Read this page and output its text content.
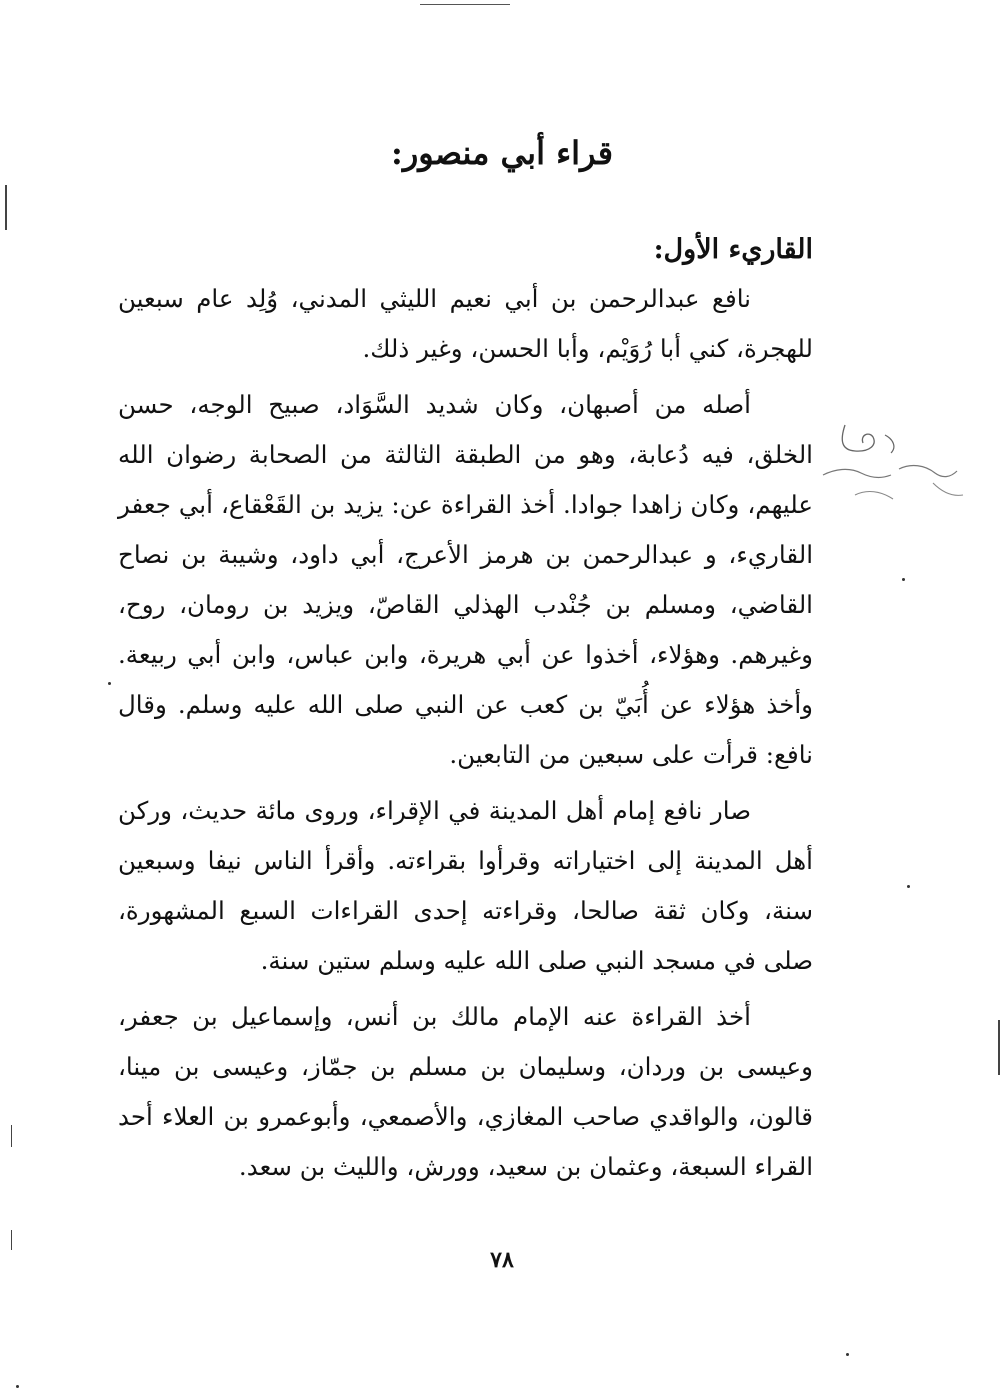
قراء أبي منصور:
القاريء الأول:

نافع عبدالرحمن بن أبي نعيم الليثي المدني، وُلِد عام سبعين للهجرة، كني أبا رُوَيْم، وأبا الحسن، وغير ذلك.

أصله من أصبهان، وكان شديد السَّوَاد، صبيح الوجه، حسن الخلق، فيه دُعابة، وهو من الطبقة الثالثة من الصحابة رضوان الله عليهم، وكان زاهدا جوادا. أخذ القراءة عن: يزيد بن القَعْقاع، أبي جعفر القاريء، و عبدالرحمن بن هرمز الأعرج، أبي داود، وشيبة بن نصاح القاضي، ومسلم بن جُنْدب الهذلي القاصّ، ويزيد بن رومان، روح، وغيرهم. وهؤلاء، أخذوا عن أبي هريرة، وابن عباس، وابن أبي ربيعة. وأخذ هؤلاء عن أُبَيّ بن كعب عن النبي صلى الله عليه وسلم. وقال نافع: قرأت على سبعين من التابعين.

صار نافع إمام أهل المدينة في الإقراء، وروى مائة حديث، وركن أهل المدينة إلى اختياراته وقرأوا بقراءته. وأقرأ الناس نيفا وسبعين سنة، وكان ثقة صالحا، وقراءته إحدى القراءات السبع المشهورة، صلى في مسجد النبي صلى الله عليه وسلم ستين سنة.

أخذ القراءة عنه الإمام مالك بن أنس، وإسماعيل بن جعفر، وعيسى بن وردان، وسليمان بن مسلم بن جمّاز، وعيسى بن مينا، قالون، والواقدي صاحب المغازي، والأصمعي، وأبوعمرو بن العلاء أحد القراء السبعة، وعثمان بن سعيد، وورش، والليث بن سعد.

٧٨
